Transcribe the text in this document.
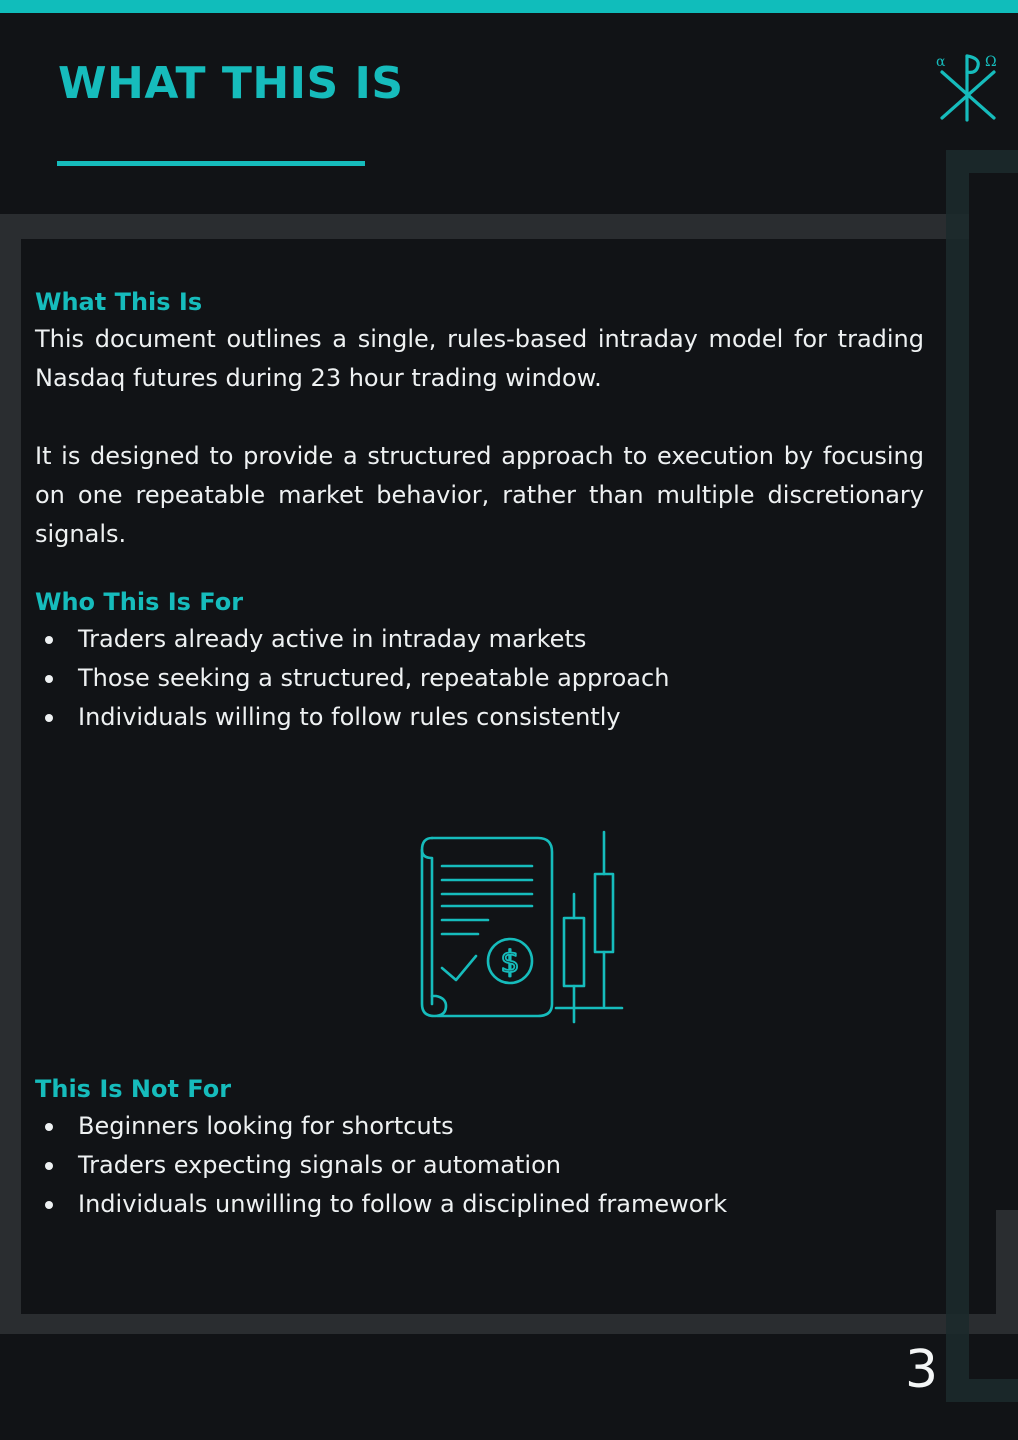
WHAT THIS IS	α	Ω
What This Is

This document outlines a single, rules-based intraday model for trading Nasdaq futures during 23 hour trading window.

It is designed to provide a structured approach to execution by focusing on one repeatable market behavior, rather than multiple discretionary signals.

Who This Is For
Traders already active in intraday markets
Those seeking a structured, repeatable approach
Individuals willing to follow rules consistently
$
This Is Not For
Beginners looking for shortcuts
Traders expecting signals or automation
Individuals unwilling to follow a disciplined framework
3
